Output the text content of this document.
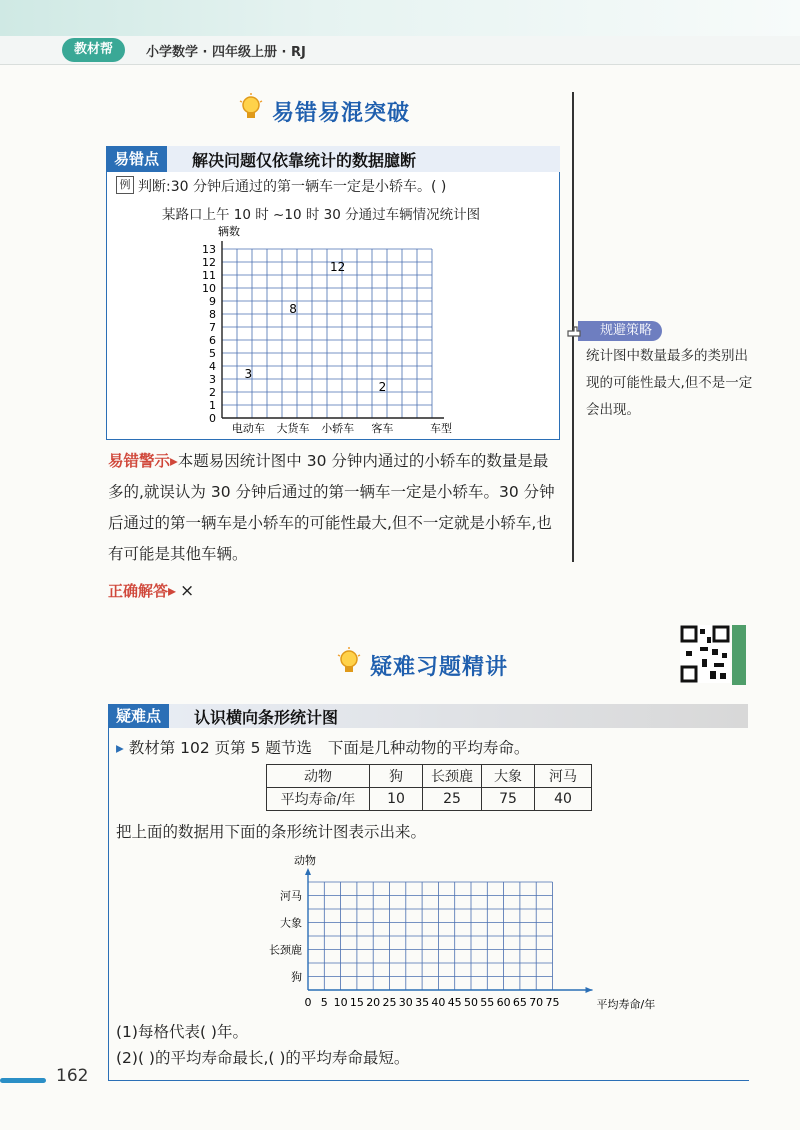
教材帮	小学数学 · 四年级上册 · RJ
易错易混突破
易错点	解决问题仅依靠统计的数据臆断
例 判断:30 分钟后通过的第一辆车一定是小轿车。( )
某路口上午 10 时 ~10 时 30 分通过车辆情况统计图
辆数
0
1
2
3
4
5
6
7
8
9
10
11
12
13
电动车
3
大货车
8
小轿车
12
客车
2
车型
易错警示▸本题易因统计图中 30 分钟内通过的小轿车的数量是最多的,就误认为 30 分钟后通过的第一辆车一定是小轿车。30 分钟后通过的第一辆车是小轿车的可能性最大,但不一定就是小轿车,也有可能是其他车辆。
正确解答▸ ×
规避策略
统计图中数量最多的类别出现的可能性最大,但不是一定会出现。
疑难习题精讲
疑难点	认识横向条形统计图
▸ 教材第 102 页第 5 题节选 下面是几种动物的平均寿命。
动物	狗	长颈鹿	大象	河马
平均寿命/年	10	25	75	40
把上面的数据用下面的条形统计图表示出来。
动物
0 5 10 15 20 25 30 35 40 45 50 55 60 65 70 75	平均寿命/年
狗
长颈鹿
大象
河马
(1)每格代表( )年。
(2)( )的平均寿命最长,( )的平均寿命最短。
162
